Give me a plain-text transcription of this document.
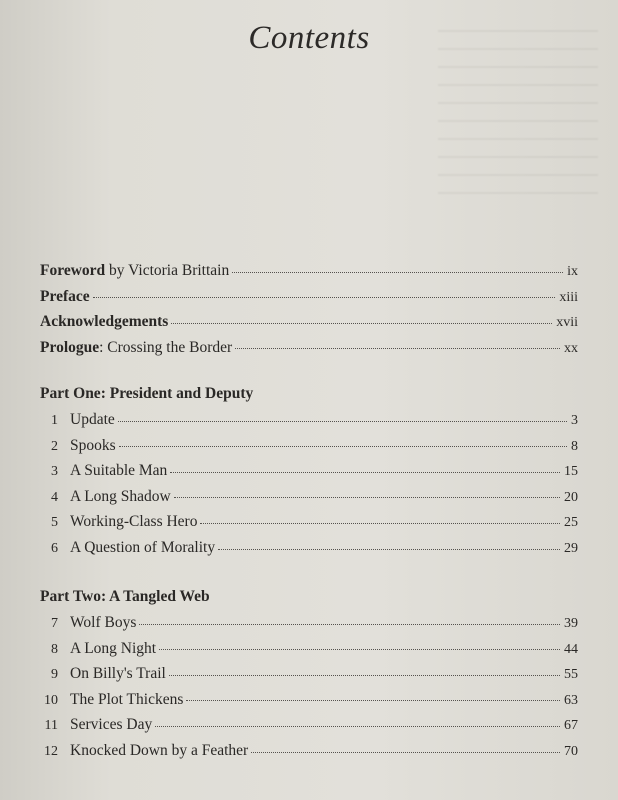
Contents
Foreword by Victoria Brittain	ix
Preface	xiii
Acknowledgements	xvii
Prologue: Crossing the Border	xx
Part One: President and Deputy
1 Update	3
2 Spooks	8
3 A Suitable Man	15
4 A Long Shadow	20
5 Working-Class Hero	25
6 A Question of Morality	29
Part Two: A Tangled Web
7 Wolf Boys	39
8 A Long Night	44
9 On Billy's Trail	55
10 The Plot Thickens	63
11 Services Day	67
12 Knocked Down by a Feather	70
